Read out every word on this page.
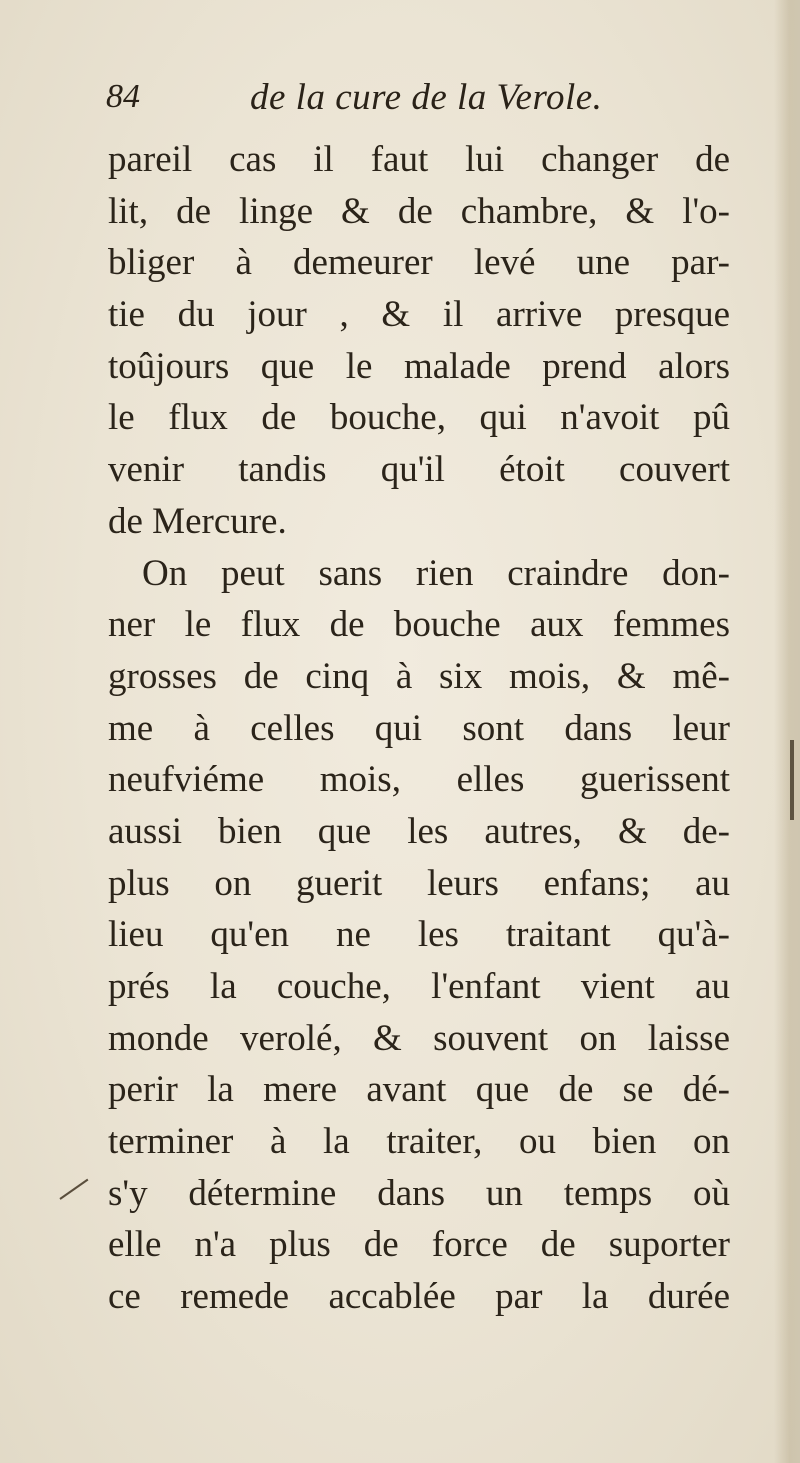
84	de la cure de la Verole.
pareil cas il faut lui changer de
lit, de linge & de chambre, & l'o-
bliger à demeurer levé une par-
tie du jour , & il arrive presque
toûjours que le malade prend alors
le flux de bouche, qui n'avoit pû
venir tandis qu'il étoit couvert
de Mercure.
On peut sans rien craindre don-
ner le flux de bouche aux femmes
grosses de cinq à six mois, & mê-
me à celles qui sont dans leur
neufviéme mois, elles guerissent
aussi bien que les autres, & de-
plus on guerit leurs enfans; au
lieu qu'en ne les traitant qu'à-
prés la couche, l'enfant vient au
monde verolé, & souvent on laisse
perir la mere avant que de se dé-
terminer à la traiter, ou bien on
s'y détermine dans un temps où
elle n'a plus de force de suporter
ce remede accablée par la durée
